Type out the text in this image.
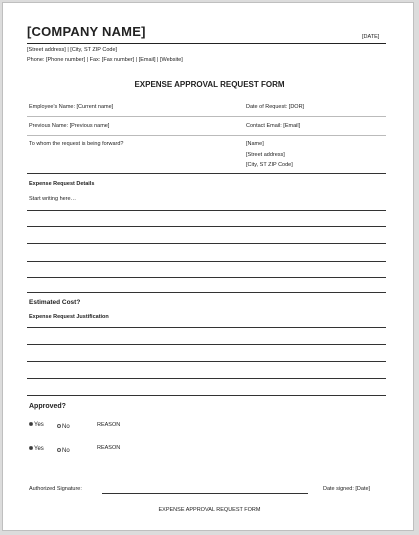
[COMPANY NAME]	[DATE]
[Street address] | [City, ST ZIP Code]
Phone: [Phone number] | Fax: [Fax number] | [Email] | [Website]
EXPENSE APPROVAL REQUEST FORM
Employee's Name: [Current name]	Date of Request: [DOR]
Previous Name: [Previous name]	Contact Email: [Email]
To whom the request is being forward?	[Name]
[Street address]
[City, ST ZIP Code]
Expense Request Details
Start writing here…
Estimated Cost?
Expense Request Justification
Approved?
Yes	No	REASON
Yes	No	REASON
Authorized Signature:	Date signed: [Date]
EXPENSE APPROVAL REQUEST FORM
